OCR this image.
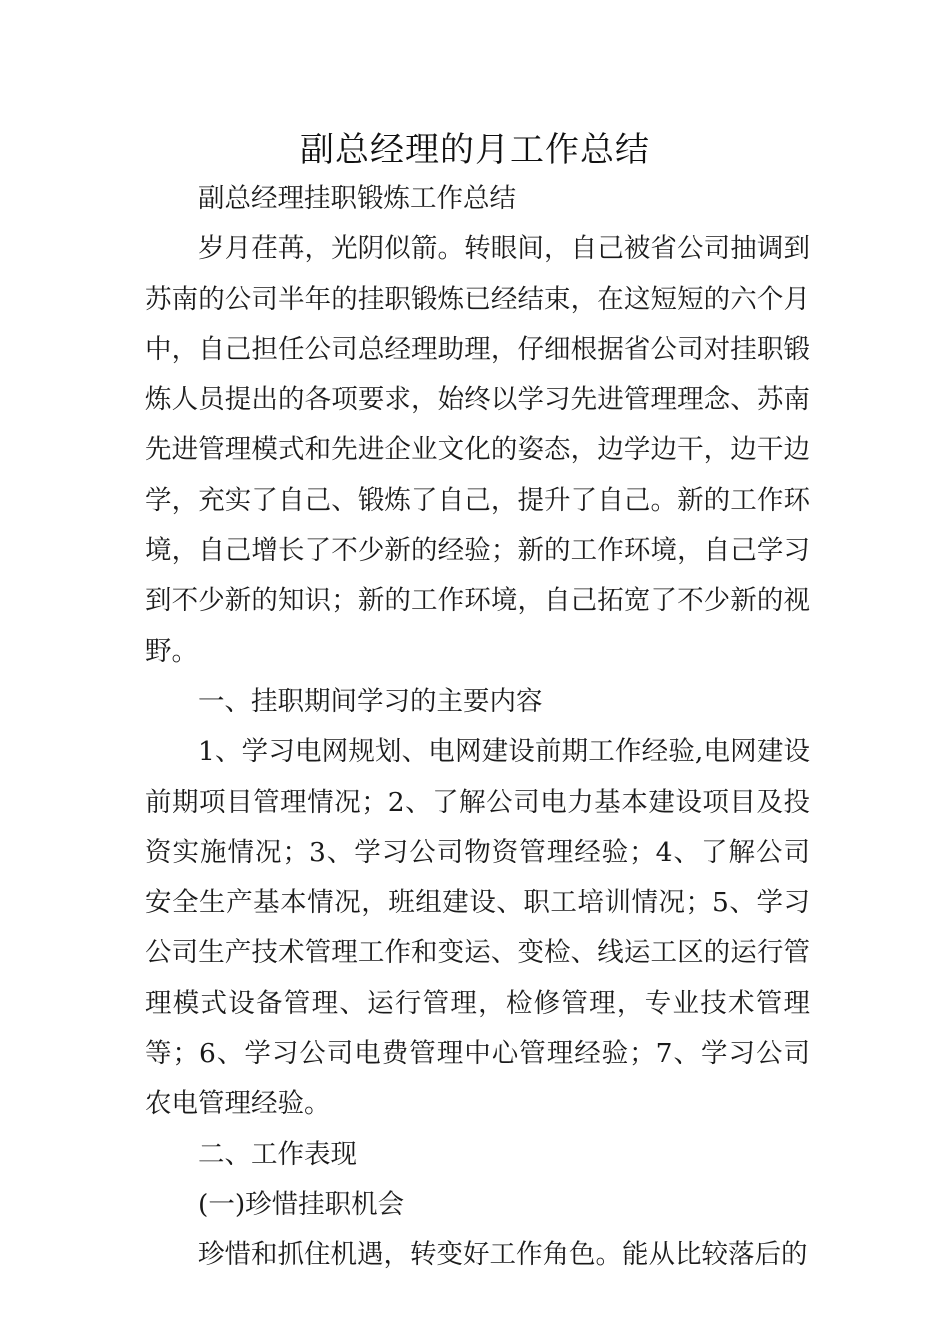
副总经理的月工作总结

副总经理挂职锻炼工作总结

岁月荏苒，光阴似箭。转眼间，自己被省公司抽调到苏南的公司半年的挂职锻炼已经结束，在这短短的六个月中，自己担任公司总经理助理，仔细根据省公司对挂职锻炼人员提出的各项要求，始终以学习先进管理理念、苏南先进管理模式和先进企业文化的姿态，边学边干，边干边学，充实了自己、锻炼了自己，提升了自己。新的工作环境，自己增长了不少新的经验；新的工作环境，自己学习到不少新的知识；新的工作环境，自己拓宽了不少新的视野。

一、挂职期间学习的主要内容

1、学习电网规划、电网建设前期工作经验,电网建设前期项目管理情况；2、了解公司电力基本建设项目及投资实施情况；3、学习公司物资管理经验；4、了解公司安全生产基本情况，班组建设、职工培训情况；5、学习公司生产技术管理工作和变运、变检、线运工区的运行管理模式设备管理、运行管理，检修管理，专业技术管理等；6、学习公司电费管理中心管理经验；7、学习公司农电管理经验。

二、工作表现

(一)珍惜挂职机会

珍惜和抓住机遇，转变好工作角色。能从比较落后的
